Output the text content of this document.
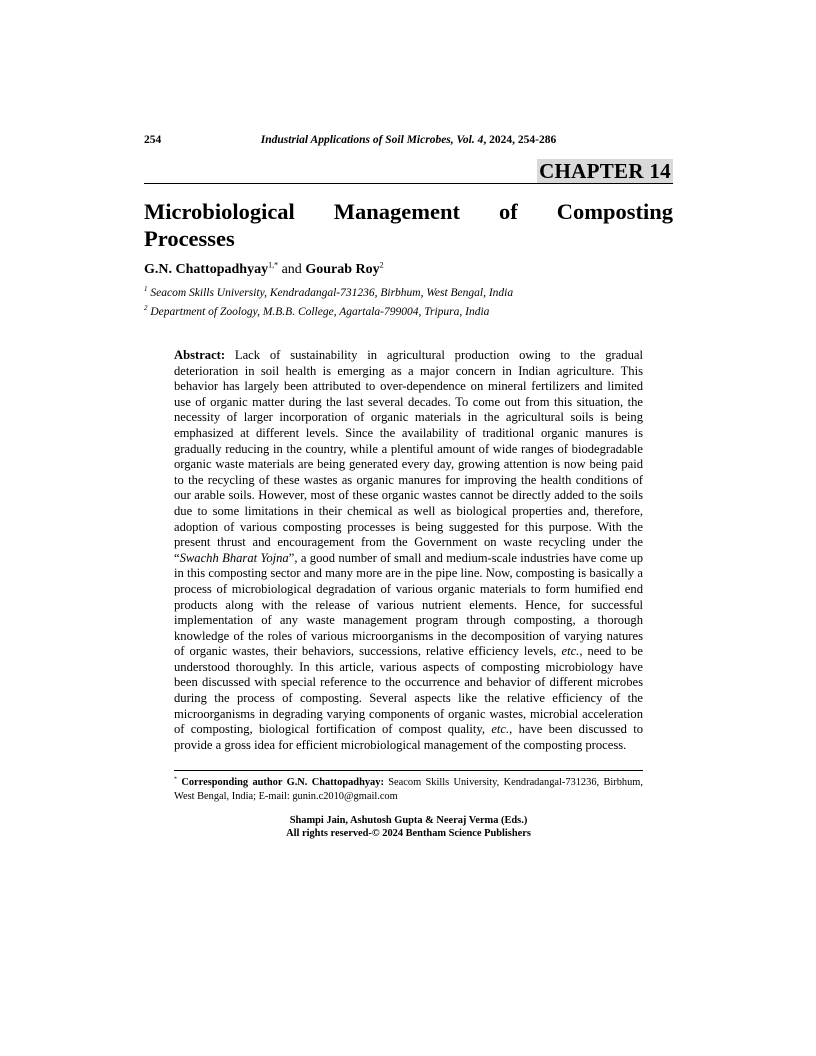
254	Industrial Applications of Soil Microbes, Vol. 4, 2024, 254-286
CHAPTER 14
Microbiological Management of Composting
Processes
G.N. Chattopadhyay$^{1,*}$ and Gourab Roy$^2$
$^1$ Seacom Skills University, Kendradangal-731236, Birbhum, West Bengal, India
$^2$ Department of Zoology, M.B.B. College, Agartala-799004, Tripura, India
Abstract: Lack of sustainability in agricultural production owing to the gradual deterioration in soil health is emerging as a major concern in Indian agriculture. This behavior has largely been attributed to over-dependence on mineral fertilizers and limited use of organic matter during the last several decades. To come out from this situation, the necessity of larger incorporation of organic materials in the agricultural soils is being emphasized at different levels. Since the availability of traditional organic manures is gradually reducing in the country, while a plentiful amount of wide ranges of biodegradable organic waste materials are being generated every day, growing attention is now being paid to the recycling of these wastes as organic manures for improving the health conditions of our arable soils. However, most of these organic wastes cannot be directly added to the soils due to some limitations in their chemical as well as biological properties and, therefore, adoption of various composting processes is being suggested for this purpose. With the present thrust and encouragement from the Government on waste recycling under the “Swachh Bharat Yojna”, a good number of small and medium-scale industries have come up in this composting sector and many more are in the pipe line. Now, composting is basically a process of microbiological degradation of various organic materials to form humified end products along with the release of various nutrient elements. Hence, for successful implementation of any waste management program through composting, a thorough knowledge of the roles of various microorganisms in the decomposition of varying natures of organic wastes, their behaviors, successions, relative efficiency levels, etc., need to be understood thoroughly. In this article, various aspects of composting microbiology have been discussed with special reference to the occurrence and behavior of different microbes during the process of composting. Several aspects like the relative efficiency of the microorganisms in degrading varying components of organic wastes, microbial acceleration of composting, biological fortification of compost quality, etc., have been discussed to provide a gross idea for efficient microbiological management of the composting process.
* Corresponding author G.N. Chattopadhyay: Seacom Skills University, Kendradangal-731236, Birbhum, West Bengal, India; E-mail: gunin.c2010@gmail.com
Shampi Jain, Ashutosh Gupta & Neeraj Verma (Eds.)
All rights reserved-© 2024 Bentham Science Publishers
